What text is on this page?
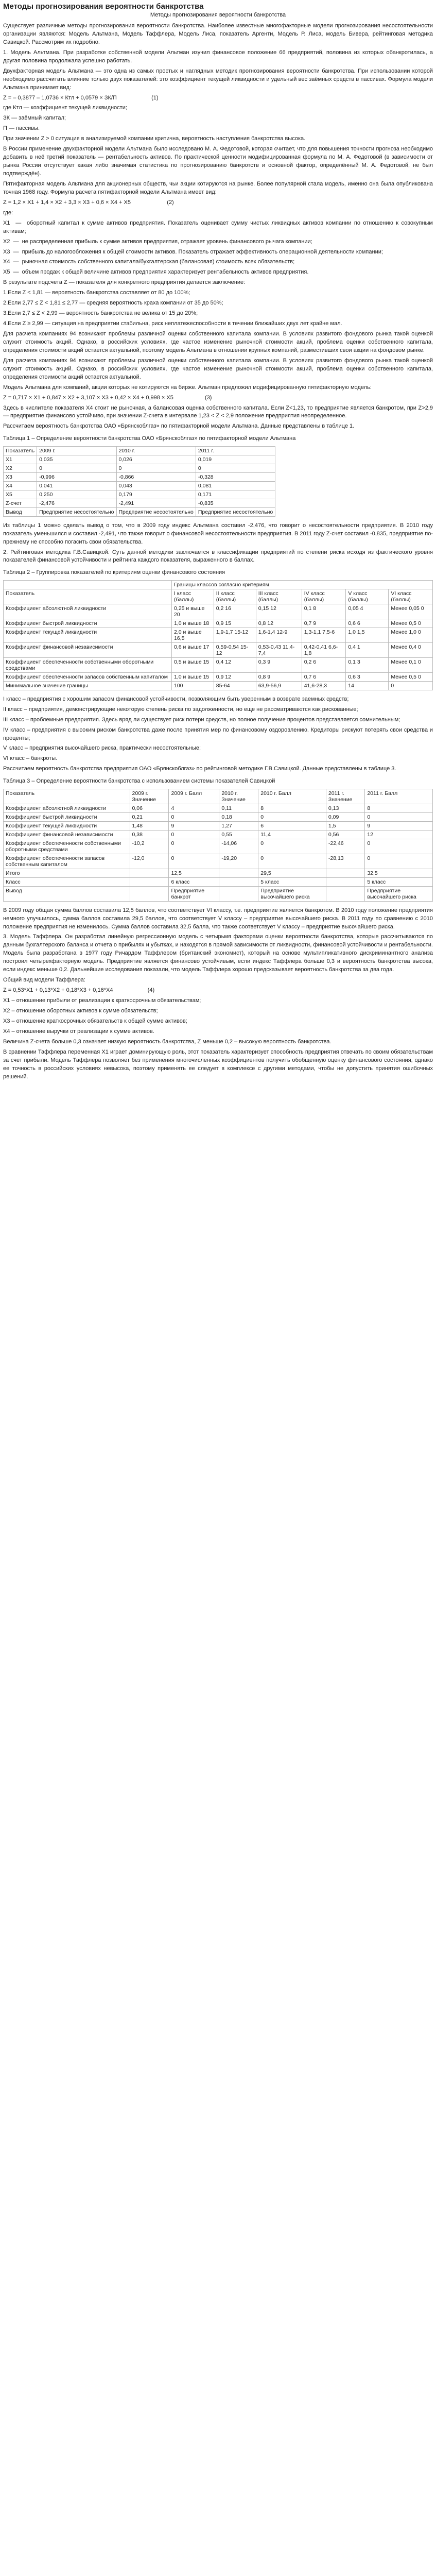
Методы прогнозирования вероятности банкротства
Методы прогнозирования вероятности банкротства
Существует различные методы прогнозирования вероятности банкротства. Наиболее известные многофакторные модели прогнозирования несостоятельности организации являются: Модель Альтмана, Модель Таффлера, Модель Лиса, показатель Аргенти, Модель Р. Лиса, модель Бивера, рейтинговая методика Савицкой. Рассмотрим их подробно.
1. Модель Альтмана. При разработке собственной модели Альтман изучил финансовое положение 66 предприятий, половина из которых обанкротилась, а другая половина продолжала успешно работать.
Двухфакторная модель Альтмана — это одна из самых простых и наглядных методик прогнозирования вероятности банкротства. При использовании которой необходимо рассчитать влияние только двух показателей: это коэффициент текущей ликвидности и удельный вес заёмных средств в пассивах. Формула модели Альтмана принимает вид:
Z = – 0,3877 – 1,0736 × Ктл + 0,0579 × ЗК/П                      (1)
где Ктл — коэффициент текущей ликвидности;
ЗК — заёмный капитал;
П — пассивы.
При значении Z > 0 ситуация в анализируемой компании критична, вероятность наступления банкротства высока.
В России применение двухфакторной модели Альтмана было исследовано М. А. Федотовой, которая считает, что для повышения точности прогноза необходимо добавить в неё третий показатель — рентабельность активов. По практической ценности модифицированная формула по М. А. Федотовой (в зависимости от рынка России отсутствует какая либо значимая статистика по прогнозированию банкротств и основной фактор, определённый М. А. Федотовой, не был подтверждён).
Пятифакторная модель Альтмана для акционерных обществ, чьи акции котируются на рынке. Более популярной стала модель, именно она была опубликована точная 1968 году. Формула расчета пятифакторной модели Альтмана имеет вид:
Z = 1,2 × X1 + 1,4 × X2 + 3,3 × X3 + 0,6 × X4 + X5                       (2)
где:
X1  —  оборотный капитал к сумме активов предприятия. Показатель оценивает сумму чистых ликвидных активов компании по отношению к совокупным активам;
X2  —  не распределенная прибыль к сумме активов предприятия, отражает уровень финансового рычага компании;
X3  —  прибыль до налогообложения к общей стоимости активов. Показатель отражает эффективность операционной деятельности компании;
X4  —  рыночная стоимость собственного капитала/бухгалтерская (балансовая) стоимость всех обязательств;
X5  —  объем продаж к общей величине активов предприятия характеризует рентабельность активов предприятия.
В результате подсчета Z — показателя для конкретного предприятия делается заключение:
1.Если Z < 1,81 — вероятность банкротства составляет от 80 до 100%;
2.Если 2,77 ≤ Z < 1,81 ≤ 2,77 — средняя вероятность краха компании от 35 до 50%;
3.Если 2,7 ≤ Z < 2,99 — вероятность банкротства не велика от 15 до 20%;
4.Если Z ≥ 2,99 — ситуация на предприятии стабильна, риск неплатежеспособности в течении ближайших двух лет крайне мал.
Для расчета компаниях 94 возникают проблемы различной оценки собственного капитала компании. В условиях развитого фондового рынка такой оценкой служит стоимость акций. Однако, в российских условиях, где частое изменение рыночной стоимости акций, проблема оценки собственного капитала, определения стоимости акций остается актуальной, поэтому модель Альтмана в отношении крупных компаний, разместивших свои акции на фондовом рынке.
Для расчета компаниях 94 возникают проблемы различной оценки собственного капитала компании. В условиях развитого фондового рынка такой оценкой служит стоимость акций. Однако, в российских условиях, где частое изменение рыночной стоимости акций, проблема оценки собственного капитала, определения стоимости акций остается актуальной.
Модель Альтмана для компаний, акции которых не котируются на бирже. Альтман предложил модифицированную пятифакторную модель:
Z = 0,717 × X1 + 0,847 × X2 + 3,107 × X3 + 0,42 × X4 + 0,998 × X5                    (3)
Здесь в числителе показателя X4 стоит не рыночная, а балансовая оценка собственного капитала. Если Z<1,23, то предприятие является банкротом, при Z>2,9 — предприятие финансово устойчиво, при значении Z-счета в интервале 1,23 < Z < 2,9 положение предприятия неопределенное.
Рассчитаем вероятность банкротства ОАО «Брянскоблгаз» по пятифакторной модели Альтмана. Данные представлены в таблице 1.
Таблица 1 – Определение вероятности банкротства ОАО «Брянскоблгаз» по пятифакторной модели Альтмана
Показатель	2009 г.	2010 г.	2011 г.
X1	0,035	0,026	0,019
X2	0	0	0
X3	-0,996	-0,866	-0,328
X4	0,041	0,043	0,081
X5	0,250	0,179	0,171
Z-счет	-2,476	-2,491	-0,835
Вывод	Предприятие несостоятельно	Предприятие несостоятельно	Предприятие несостоятельно
Из таблицы 1 можно сделать вывод о том, что в 2009 году индекс Альтмана составил -2,476, что говорит о несостоятельности предприятия. В 2010 году показатель уменьшился и составил -2,491, что также говорит о финансовой несостоятельности предприятия. В 2011 году Z-счет составил -0,835, предприятие по-прежнему не способно погасить свои обязательства.
2. Рейтинговая методика Г.В.Савицкой. Суть данной методики заключается в классификации предприятий по степени риска исходя из фактического уровня показателей финансовой устойчивости и рейтинга каждого показателя, выраженного в баллах.
Таблица 2 – Группировка показателей по критериям оценки финансового состояния
	Границы классов согласно критериям					
Показатель	I класс (баллы)	II класс (баллы)	III класс (баллы)	IV класс (баллы)	V класс (баллы)	VI класс (баллы)
Коэффициент абсолютной ликвидности	0,25 и выше 20	0,2 16	0,15 12	0,1 8	0,05 4	Менее 0,05 0
Коэффициент быстрой ликвидности	1,0 и выше 18	0,9 15	0,8 12	0,7 9	0,6 6	Менее 0,5 0
Коэффициент текущей ликвидности	2,0 и выше 16,5	1,9-1,7 15-12	1,6-1,4 12-9	1,3-1,1 7,5-6	1,0 1,5	Менее 1,0 0
Коэффициент финансовой независимости	0,6 и выше 17	0,59-0,54 15-12	0,53-0,43 11,4-7,4	0,42-0,41 6,6-1,8	0,4 1	Менее 0,4 0
Коэффициент обеспеченности собственными оборотными средствами	0,5 и выше 15	0,4 12	0,3 9	0,2 6	0,1 3	Менее 0,1 0
Коэффициент обеспеченности запасов собственным капиталом	1,0 и выше 15	0,9 12	0,8 9	0,7 6	0,6 3	Менее 0,5 0
Минимальное значение границы	100	85-64	63,9-56,9	41,6-28,3	14	0
I класс – предприятия с хорошим запасом финансовой устойчивости, позволяющим быть уверенным в возврате заемных средств;
II класс – предприятия, демонстрирующие некоторую степень риска по задолженности, но еще не рассматриваются как рискованные;
III класс – проблемные предприятия. Здесь вряд ли существует риск потери средств, но полное получение процентов представляется сомнительным;
IV класс – предприятия с высоким риском банкротства даже после принятия мер по финансовому оздоровлению. Кредиторы рискуют потерять свои средства и проценты;
V класс – предприятия высочайшего риска, практически несостоятельные;
VI класс – банкроты.
Рассчитаем вероятность банкротства предприятия ОАО «Брянскоблгаз» по рейтинговой методике Г.В.Савицкой. Данные представлены в таблице 3.
Таблица 3 – Определение вероятности банкротства с использованием системы показателей Савицкой
Показатель	2009 г. Значение	2009 г. Балл	2010 г. Значение	2010 г. Балл	2011 г. Значение	2011 г. Балл
Коэффициент абсолютной ликвидности	0,06	4	0,11	8	0,13	8
Коэффициент быстрой ликвидности	0,21	0	0,18	0	0,09	0
Коэффициент текущей ликвидности	1,48	9	1,27	6	1,5	9
Коэффициент финансовой независимости	0,38	0	0,55	11,4	0,56	12
Коэффициент обеспеченности собственными оборотными средствами	-10,2	0	-14,06	0	-22,46	0
Коэффициент обеспеченности запасов собственным капиталом	-12,0	0	-19,20	0	-28,13	0
Итого		12,5		29,5		32,5
Класс		6 класс		5 класс		5 класс
Вывод		Предприятие банкрот		Предприятие высочайшего риска		Предприятие высочайшего риска
В 2009 году общая сумма баллов составила 12,5 баллов, что соответствует VI классу, т.е. предприятие является банкротом. В 2010 году положение предприятия немного улучшилось, сумма баллов составила 29,5 баллов, что соответствует V классу – предприятие высочайшего риска. В 2011 году по сравнению с 2010 положение предприятия не изменилось. Сумма баллов составила 32,5 балла, что также соответствует V классу – предприятие высочайшего риска.
3. Модель Таффлера. Он разработал линейную регрессионную модель с четырьмя факторами оценки вероятности банкротства, которые рассчитываются по данным бухгалтерского баланса и отчета о прибылях и убытках, и находятся в прямой зависимости от ликвидности, финансовой устойчивости и рентабельности. Модель была разработана в 1977 году Ричардом Таффлером (британский экономист), который на основе мультипликативного дискриминантного анализа построил четырехфакторную модель. Предприятие является финансово устойчивым, если индекс Таффлера больше 0,3 и вероятность банкротства высока, если индекс меньше 0,2. Дальнейшие исследования показали, что модель Таффлера хорошо предсказывает вероятность банкротства за два года.
Общий вид модели Таффлера:
Z = 0,53*X1 + 0,13*X2 + 0,18*X3 + 0,16*X4                      (4)
X1 – отношение прибыли от реализации к краткосрочным обязательствам;
X2 – отношение оборотных активов к сумме обязательств;
X3 – отношение краткосрочных обязательств к общей сумме активов;
X4 – отношение выручки от реализации к сумме активов.
Величина Z-счета больше 0,3 означает низкую вероятность банкротства, Z меньше 0,2 – высокую вероятность банкротства.
В сравнении Таффлера переменная X1 играет доминирующую роль, этот показатель характеризует способность предприятия отвечать по своим обязательствам за счет прибыли. Модель Таффлера позволяет без применения многочисленных коэффициентов получить обобщенную оценку финансового состояния, однако ее точность в российских условиях невысока, поэтому применять ее следует в комплексе с другими методами, чтобы не допустить принятия ошибочных решений.
